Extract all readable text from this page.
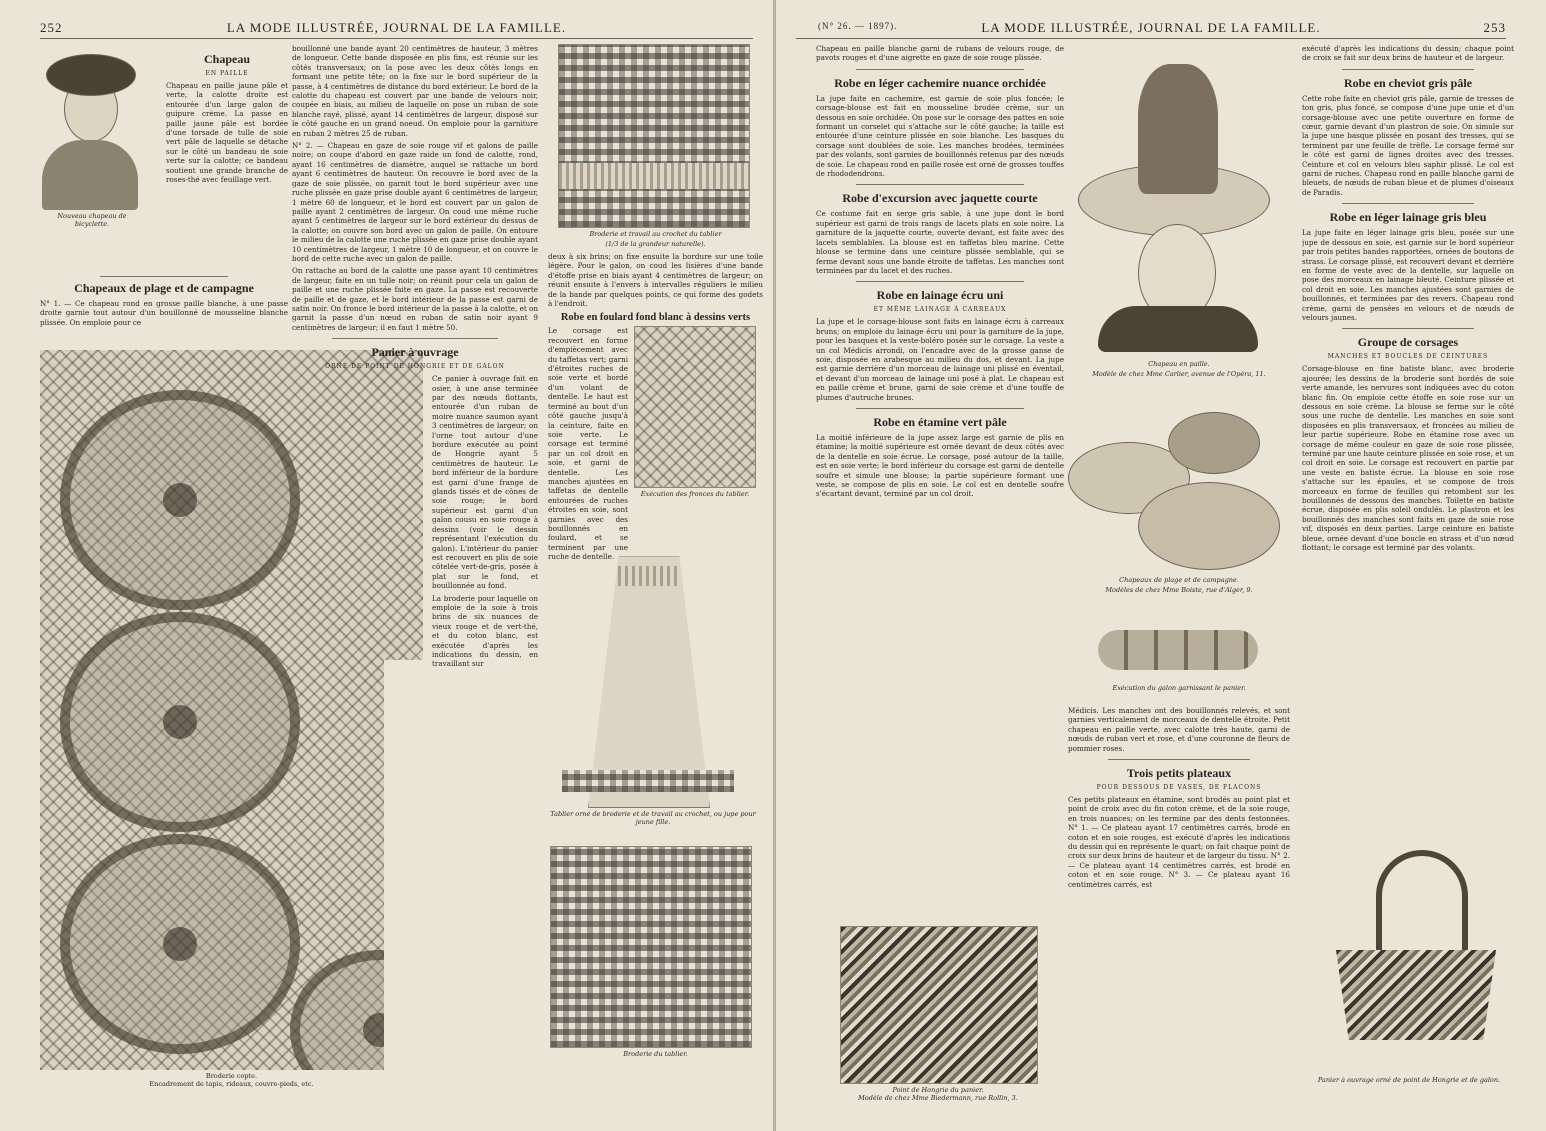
252	LA MODE ILLUSTRÉE, JOURNAL DE LA FAMILLE.
Nouveau chapeau de bicyclette.
Chapeau
EN PAILLE

Chapeau en paille jaune pâle et verte, la calotte droite est entourée d'un large galon de guipure crème. La passe en paille jaune pâle est bordée d'une torsade de tulle de soie vert pâle de laquelle se détache sur le côté un bandeau de soie verte sur la calotte; ce bandeau soutient une grande branche de roses-thé avec feuillage vert.

Chapeaux de plage et de campagne

N° 1. — Ce chapeau rond en grosse paille blanche, à une passe droite garnie tout autour d'un bouillonné de mousseline blanche plissée. On emploie pour ce

Broderie copte.
Encadrement de tapis, rideaux, couvre-pieds, etc.

bouillonné une bande ayant 20 centimètres de hauteur, 3 mètres de longueur. Cette bande disposée en plis fins, est réunie sur les côtés transversaux; on la pose avec les deux côtés longs en formant une petite tête; on la fixe sur le bord supérieur de la passe, à 4 centimètres de distance du bord extérieur. Le bord de la calotte du chapeau est couvert par une bande de velours noir, coupée en biais, au milieu de laquelle on pose un ruban de soie blanche rayé, plissé, ayant 14 centimètres de largeur, disposé sur le côté gauche en un grand noeud. On emploie pour la garniture en ruban 2 mètres 25 de ruban.

N° 2. — Chapeau en gaze de soie rouge vif et galons de paille noire; on coupe d'abord en gaze raide un fond de calotte, rond, ayant 16 centimètres de diamètre, auquel se rattache un bord ayant 6 centimètres de hauteur. On recouvre le bord avec de la gaze de soie plissée, on garnit tout le bord supérieur avec une ruche plissée en gaze prise double ayant 6 centimètres de largeur, 1 mètre 60 de longueur, et le bord est couvert par un galon de paille ayant 2 centimètres de largeur. On coud une même ruche ayant 5 centimètres de largeur sur le bord extérieur du dessus de la calotte; on couvre son bord avec un galon de paille. On entoure le milieu de la calotte une ruche plissée en gaze prise double ayant 10 centimètres de largeur, 1 mètre 10 de longueur, et on couvre le bord de cette ruche avec un galon de paille.

On rattache au bord de la calotte une passe ayant 10 centimètres de largeur, faite en un tulle noir; on réunit pour cela un galon de paille et une ruche plissée faite en gaze. La passe est recouverte de paille et de gaze, et le bord intérieur de la passe est garni de satin noir. On fronce le bord intérieur de la passe à la calotte, et on garnit la passe d'un nœud en ruban de satin noir ayant 9 centimètres de largeur; il en faut 1 mètre 50.

Panier à ouvrage
ORNÉ DE POINT DE HONGRIE ET DE GALON

Ce panier à ouvrage fait en osier, à une anse terminée par des nœuds flottants, entourée d'un ruban de moire nuance saumon ayant 3 centimètres de largeur; on l'orne tout autour d'une bordure exécutée au point de Hongrie ayant 5 centimètres de hauteur. Le bord inférieur de la bordure est garni d'une frange de glands tissés et de cônes de soie rouge; le bord supérieur est garni d'un galon cousu en soie rouge à dessins (voir le dessin représentant l'exécution du galon). L'intérieur du panier est recouvert en plis de soie côtelée vert-de-gris, posée à plat sur le fond, et bouillonnée au fond.

La broderie pour laquelle on emploie de la soie à trois brins de six nuances de vieux rouge et de vert-thé, et du coton blanc, est exécutée d'après les indications du dessin, en travaillant sur

Broderie et travail au crochet du tablier
(1/3 de la grandeur naturelle).

deux à six brins; on fixe ensuite la bordure sur une toile légère. Pour le galon, on coud les lisières d'une bande d'étoffe prise en biais ayant 4 centimètres de largeur; on réunit ensuite à l'envers à intervalles réguliers le milieu de la bande par quelques points, ce qui forme des godets à l'endroit.

Robe en foulard fond blanc à dessins verts

Le corsage est recouvert en forme d'empiècement avec du taffetas vert; garni d'étroites ruches de soie verte et bordé d'un volant de dentelle. Le haut est terminé au bout d'un côté gauche jusqu'à la ceinture, faite en soie verte. Le corsage est terminé par un col droit en soie, et garni de dentelle. Les manches ajustées en taffetas de dentelle entourées de ruches étroites en soie, sont garnies avec des bouillonnés en foulard, et se terminent par une ruche de dentelle.

Exécution des fronces du tablier.
Tablier orné de broderie et de travail au crochet, ou jupe pour jeune fille.
Broderie du tablier.
(N° 26. — 1897).	LA MODE ILLUSTRÉE, JOURNAL DE LA FAMILLE.	253

Chapeau en paille blanche garni de rubans de velours rouge, de pavots rouges et d'une aigrette en gaze de soie rouge plissée.

Robe en léger cachemire nuance orchidée

La jupe faite en cachemire, est garnie de soie plus foncée; le corsage-blouse est fait en mousseline brodée crème, sur un dessous en soie orchidée. On pose sur le corsage des pattes en soie formant un corselet qui s'attache sur le côté gauche; la taille est entourée d'une ceinture plissée en soie blanche. Les basques du corsage sont doublées de soie. Les manches brodées, terminées par des volants, sont garnies de bouillonnés retenus par des nœuds de soie. Le chapeau rond en paille rosée est orné de grosses touffes de rhododendrons.

Robe d'excursion avec jaquette courte

Ce costume fait en serge gris sable, à une jupe dont le bord supérieur est garni de trois rangs de lacets plats en soie noire. La garniture de la jaquette courte, ouverte devant, est faite avec des lacets semblables. La blouse est en taffetas bleu marine. Cette blouse se termine dans une ceinture plissée semblable, qui se ferme devant sous une bande étroite de taffetas. Les manches sont terminées par du lacet et des ruches.

Robe en lainage écru uni
ET MÊME LAINAGE À CARREAUX

La jupe et le corsage-blouse sont faits en lainage écru à carreaux bruns; on emploie du lainage écru uni pour la garniture de la jupe, pour les basques et la veste-boléro posée sur le corsage. La veste a un col Médicis arrondi, on l'encadre avec de la grosse ganse de soie, disposée en arabesque au milieu du dos, et devant. La jupe est garnie derrière d'un morceau de lainage uni plissé en éventail, et devant d'un morceau de lainage uni posé à plat. Le chapeau est en paille crème et brune, garni de soie crème et d'une touffe de plumes d'autruche brunes.

Robe en étamine vert pâle

La moitié inférieure de la jupe assez large est garnie de plis en étamine; la moitié supérieure est ornée devant de deux côtés avec de la dentelle en soie écrue. Le corsage, posé autour de la taille, est en soie verte; le bord inférieur du corsage est garni de dentelle soufre et simule une blouse; la partie supérieure formant une veste, se compose de plis en soie. Le col est en dentelle soufre s'écartant devant, terminé par un col droit.

Point de Hongrie du panier.
Modèle de chez Mme Biedermann, rue Rollin, 3.
Chapeau en paille.
Modèle de chez Mme Carlier, avenue de l'Opéra, 11.
Chapeaux de plage et de campagne.
Modèles de chez Mme Boiste, rue d'Alger, 9.
Exécution du galon garnissant le panier.

Médicis. Les manches ont des bouillonnés relevés, et sont garnies verticalement de morceaux de dentelle étroite. Petit chapeau en paille verte, avec calotte très haute, garni de nœuds de ruban vert et rose, et d'une couronne de fleurs de pommier roses.

Trois petits plateaux
POUR DESSOUS DE VASES, DE FLACONS

Ces petits plateaux en étamine, sont brodés au point plat et point de croix avec du fin coton crème, et de la soie rouge, en trois nuances; on les termine par des dents festonnées. N° 1. — Ce plateau ayant 17 centimètres carrés, brodé en coton et en soie rouges, est exécuté d'après les indications du dessin qui en représente le quart; on fait chaque point de croix sur deux brins de hauteur et de largeur du tissu. N° 2. — Ce plateau ayant 14 centimètres carrés, est brodé en coton et en soie rouge. N° 3. — Ce plateau ayant 16 centimètres carrés, est

exécuté d'après les indications du dessin; chaque point de croix se fait sur deux brins de hauteur et de largeur.

Robe en cheviot gris pâle

Cette robe faite en cheviot gris pâle, garnie de tresses de ton gris, plus foncé, se compose d'une jupe unie et d'un corsage-blouse avec une petite ouverture en forme de cœur, garnie devant d'un plastron de soie. On simule sur la jupe une basque plissée en posant des tresses, qui se terminent par une feuille de trèfle. Le corsage fermé sur le côté est garni de lignes droites avec des tresses. Ceinture et col en velours bleu saphir plissé. Le col est garni de ruches. Chapeau rond en paille blanche garni de bleuets, de nœuds de ruban bleue et de plumes d'oiseaux de Paradis.

Robe en léger lainage gris bleu

La jupe faite en léger lainage gris bleu, posée sur une jupe de dessous en soie, est garnie sur le bord supérieur par trois petites bandes rapportées, ornées de boutons de strass. Le corsage plissé, est recouvert devant et derrière en forme de veste avec de la dentelle, sur laquelle on pose des morceaux en lainage bleuté. Ceinture plissée et col droit en soie. Les manches ajustées sont garnies de bouillonnés, et terminées par des revers. Chapeau rond crème, garni de pensées en velours et de nœuds de velours jaunes.

Groupe de corsages
MANCHES ET BOUCLES DE CEINTURES

Corsage-blouse en fine batiste blanc, avec broderie ajourée; les dessins de la broderie sont bordés de soie verte amande, les nervures sont indiquées avec du coton blanc fin. On emploie cette étoffe en soie rose sur un dessous en soie crème. La blouse se ferme sur le côté sous une ruche de dentelle. Les manches en soie sont disposées en plis transversaux, et froncées au milieu de leur partie supérieure. Robe en étamine rose avec un corsage de même couleur en gaze de soie rose plissée, terminé par une haute ceinture plissée en soie rose, et un col droit en soie. Le corsage est recouvert en partie par une veste en batiste écrue. La blouse en soie rose s'attache sur les épaules, et se compose de trois morceaux en forme de feuilles qui retombent sur les bouillonnés de dessous des manches. Toilette en batiste écrue, disposée en plis soleil ondulés. Le plastron et les bouillonnés des manches sont faits en gaze de soie rose vif, disposés en deux parties. Large ceinture en batiste bleue, ornée devant d'une boucle en strass et d'un nœud flottant; le corsage est terminé par des volants.

Panier à ouvrage orné de point de Hongrie et de galon.
